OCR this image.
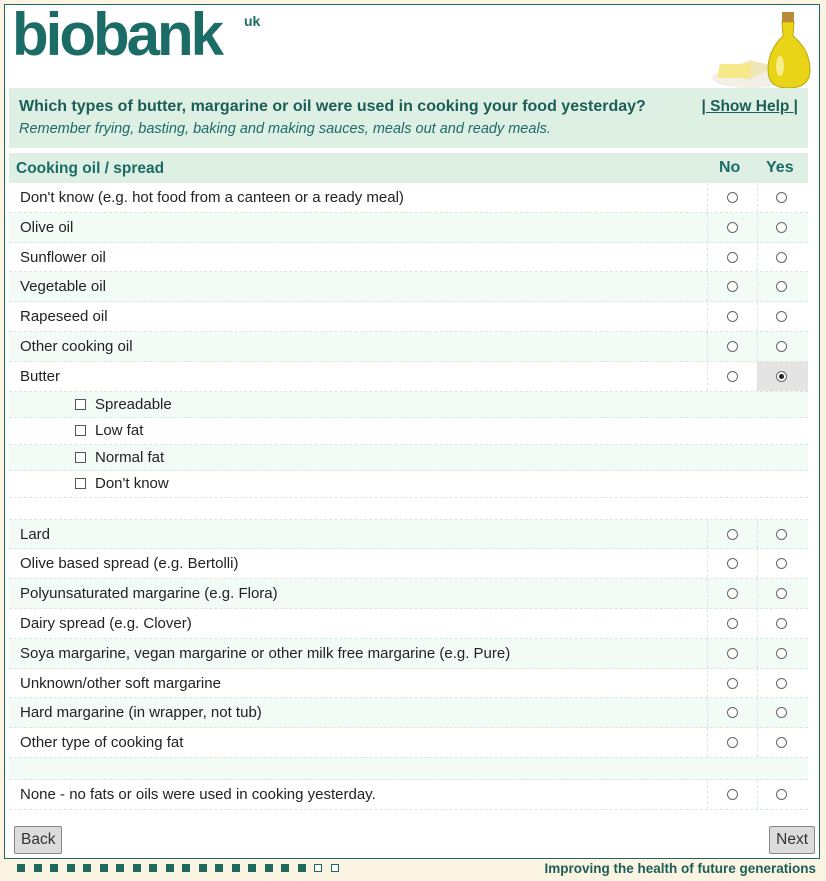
biobank uk
Which types of butter, margarine or oil were used in cooking your food yesterday?
Remember frying, basting, baking and making sauces, meals out and ready meals.
| Show Help |
Cooking oil / spread	No Yes
Don't know (e.g. hot food from a canteen or a ready meal)
Olive oil
Sunflower oil
Vegetable oil
Rapeseed oil
Other cooking oil
Butter
Spreadable
Low fat
Normal fat
Don't know
Lard
Olive based spread (e.g. Bertolli)
Polyunsaturated margarine (e.g. Flora)
Dairy spread (e.g. Clover)
Soya margarine, vegan margarine or other milk free margarine (e.g. Pure)
Unknown/other soft margarine
Hard margarine (in wrapper, not tub)
Other type of cooking fat
None - no fats or oils were used in cooking yesterday.
Back	Next
Improving the health of future generations
